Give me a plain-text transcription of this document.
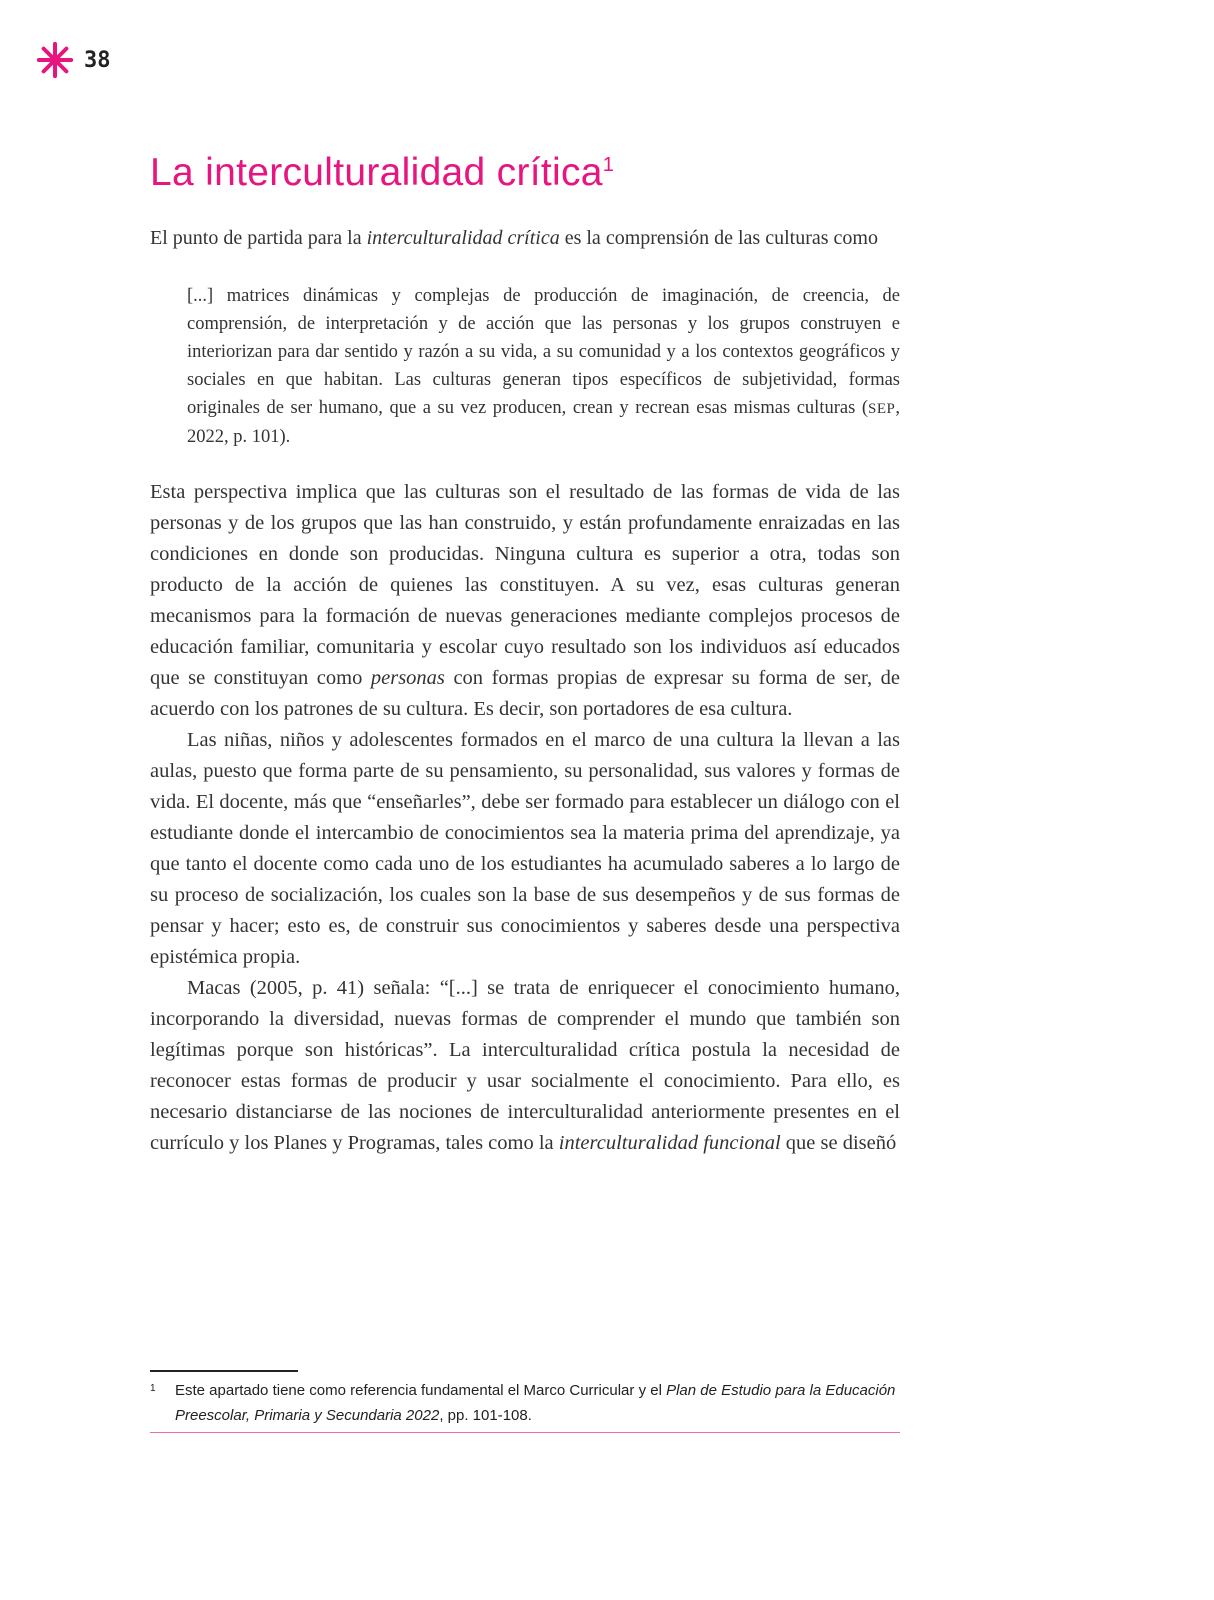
38
La interculturalidad crítica$^1$

El punto de partida para la interculturalidad crítica es la comprensión de las culturas como

[...] matrices dinámicas y complejas de producción de imaginación, de creencia, de comprensión, de interpretación y de acción que las personas y los grupos construyen e interiorizan para dar sentido y razón a su vida, a su comunidad y a los contextos geográficos y sociales en que habitan. Las culturas generan tipos específicos de subjetividad, formas originales de ser humano, que a su vez producen, crean y recrean esas mismas culturas (SEP, 2022, p. 101).

Esta perspectiva implica que las culturas son el resultado de las formas de vida de las personas y de los grupos que las han construido, y están profundamente enraizadas en las condiciones en donde son producidas. Ninguna cultura es superior a otra, todas son producto de la acción de quienes las constituyen. A su vez, esas culturas generan mecanismos para la formación de nuevas generaciones mediante complejos procesos de educación familiar, comunitaria y escolar cuyo resultado son los individuos así educados que se constituyan como personas con formas propias de expresar su forma de ser, de acuerdo con los patrones de su cultura. Es decir, son portadores de esa cultura.

Las niñas, niños y adolescentes formados en el marco de una cultura la llevan a las aulas, puesto que forma parte de su pensamiento, su personalidad, sus valores y formas de vida. El docente, más que “enseñarles”, debe ser formado para establecer un diálogo con el estudiante donde el intercambio de conocimientos sea la materia prima del aprendizaje, ya que tanto el docente como cada uno de los estudiantes ha acumulado saberes a lo largo de su proceso de socialización, los cuales son la base de sus desempeños y de sus formas de pensar y hacer; esto es, de construir sus conocimientos y saberes desde una perspectiva epistémica propia.

Macas (2005, p. 41) señala: “[...] se trata de enriquecer el conocimiento humano, incorporando la diversidad, nuevas formas de comprender el mundo que también son legítimas porque son históricas”. La interculturalidad crítica postula la necesidad de reconocer estas formas de producir y usar socialmente el conocimiento. Para ello, es necesario distanciarse de las nociones de interculturalidad anteriormente presentes en el currículo y los Planes y Programas, tales como la interculturalidad funcional que se diseñó

1 Este apartado tiene como referencia fundamental el Marco Curricular y el Plan de Estudio para la Educación Preescolar, Primaria y Secundaria 2022, pp. 101-108.
